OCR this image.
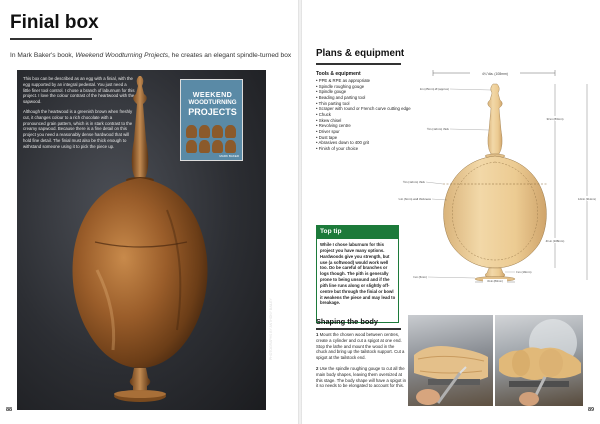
Finial box
In Mark Baker's book, Weekend Woodturning Projects, he creates an elegant spindle-turned box

This box can be described as an egg with a finial, with the egg supported by an integral pedestal. You just need a little finer tool control. I chose a branch of laburnum for this project. I love the colour contrast of the heartwood with the sapwood.

Although the heartwood is a greenish brown when freshly cut, it changes colour to a rich chocolate with a pronounced grain pattern, which is in stark contrast to the creamy sapwood. Because there is a fine detail on this project you need a reasonably dense hardwood that will hold fine detail. The finial must also be thick enough to withstand someone using it to pick the piece up.

WEEKEND
WOODTURNING
PROJECTS
MARK BAKER
PHOTOGRAPHS BY ANTHONY BAILEY
88
Plans & equipment
Tools & equipment
• PPE & RPE as appropriate
• Spindle roughing gouge
• Spindle gouge
• Beading and parting tool
• Thin parting tool
• Scraper with round or French curve cutting edge
• Chuck
• Skew chisel
• Revolving centre
• Driver spur
• Dust tape
• Abrasives down to 400 grit
• Finish of your choice
Top tip
While I chose laburnum for this project you have many options. Hardwoods give you strength, but use (a softwood) would work well too. Do be careful of branches or logs though. The pith is generally prone to being unsound and if the pith line runs along or slightly off-centre but through the finial or bowl it weakens the piece and may lead to breakage.
4¼"dia. (108mm)
1in (25mm) Ø (approx)
½in (12mm) thick
½in (12mm) thick
¼in (6mm) wall thickness
¼in (6mm)
3¼in (83mm)
4¼in (108mm)
12¼in (311mm)
¾in (19mm)
3¼in (83mm)
Shaping the body

1 Mount the chosen wood between centres, create a cylinder and cut a spigot at one end. Stop the lathe and mount the wood in the chuck and bring up the tailstock support. Cut a spigot at the tailstock end.

2 Use the spindle roughing gouge to cut all the main body shapes, leaving them oversized at this stage. The body shape will have a spigot in it so needs to be elongated to account for this.

89
